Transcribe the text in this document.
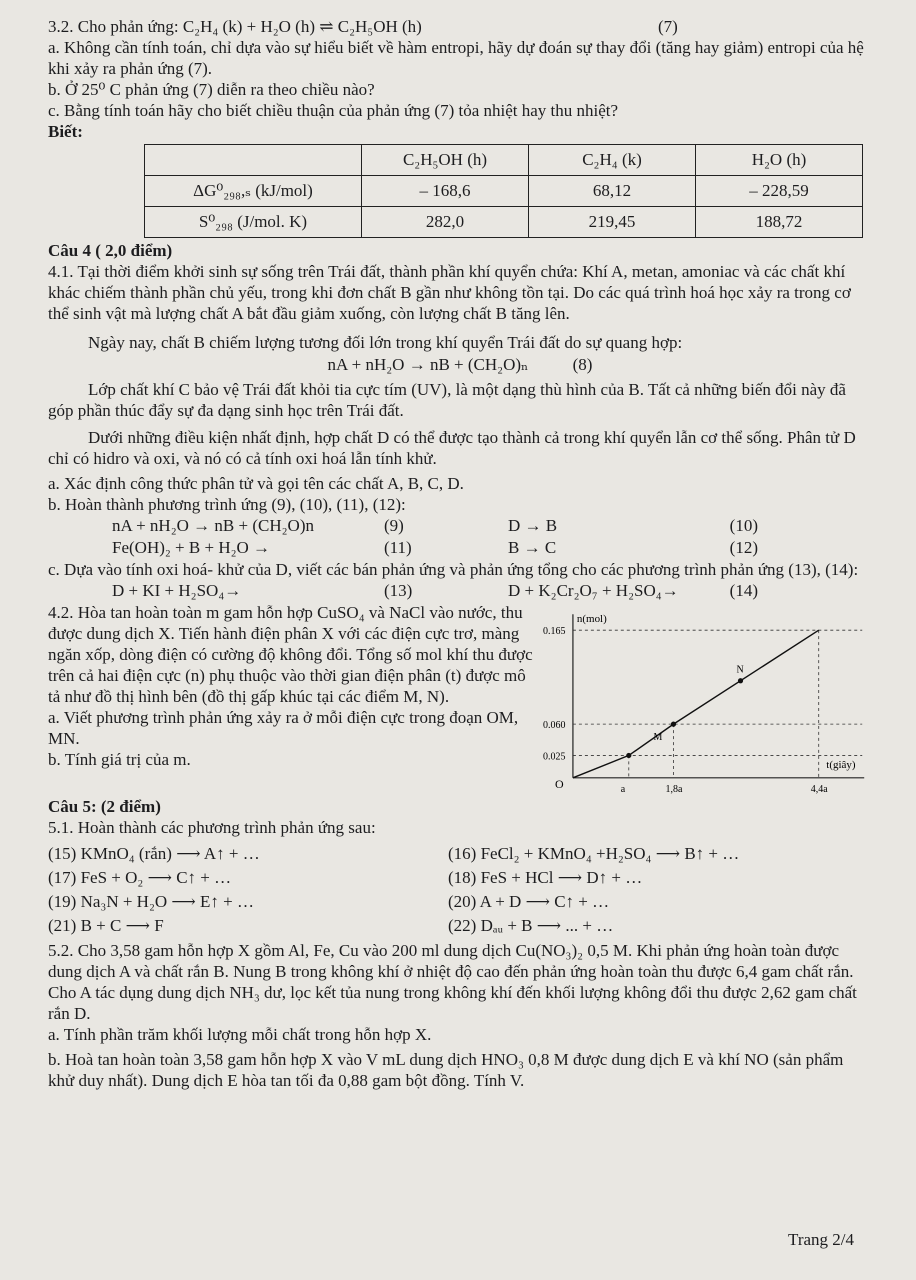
3.2. Cho phản ứng: C₂H₄ (k) + H₂O (h) ⇌ C₂H₅OH (h)	(7)

a. Không cần tính toán, chỉ dựa vào sự hiểu biết về hàm entropi, hãy dự đoán sự thay đổi (tăng hay giảm) entropi của hệ khi xảy ra phản ứng (7).

b. Ở 25⁰ C phản ứng (7) diễn ra theo chiều nào?

c. Bằng tính toán hãy cho biết chiều thuận của phản ứng (7) tỏa nhiệt hay thu nhiệt?

Biết:

	C₂H₅OH (h)	C₂H₄ (k)	H₂O (h)
ΔG⁰₂₉₈,ₛ (kJ/mol)	– 168,6	68,12	– 228,59
S⁰₂₉₈ (J/mol. K)	282,0	219,45	188,72

Câu 4 ( 2,0 điểm)

4.1. Tại thời điểm khởi sinh sự sống trên Trái đất, thành phần khí quyển chứa: Khí A, metan, amoniac và các chất khí khác chiếm thành phần chủ yếu, trong khi đơn chất B gần như không tồn tại. Do các quá trình hoá học xảy ra trong cơ thể sinh vật mà lượng chất A bắt đầu giảm xuống, còn lượng chất B tăng lên.

Ngày nay, chất B chiếm lượng tương đối lớn trong khí quyển Trái đất do sự quang hợp:

nA + nH₂O → nB + (CH₂O)ₙ	(8)

Lớp chất khí C bảo vệ Trái đất khỏi tia cực tím (UV), là một dạng thù hình của B. Tất cả những biến đổi này đã góp phần thúc đẩy sự đa dạng sinh học trên Trái đất.

Dưới những điều kiện nhất định, hợp chất D có thể được tạo thành cả trong khí quyển lẫn cơ thể sống. Phân tử D chỉ có hidro và oxi, và nó có cả tính oxi hoá lẫn tính khử.

a. Xác định công thức phân tử và gọi tên các chất A, B, C, D.

b. Hoàn thành phương trình ứng (9), (10), (11), (12):

nA + nH₂O → nB + (CH₂O)n	(9)	D → B	(10)
Fe(OH)₂ + B + H₂O →	(11)	B → C	(12)

c. Dựa vào tính oxi hoá- khử của D, viết các bán phản ứng và phản ứng tổng cho các phương trình phản ứng (13), (14):

D + KI + H₂SO₄→	(13)	D + K₂Cr₂O₇ + H₂SO₄→	(14)

4.2. Hòa tan hoàn toàn m gam hỗn hợp CuSO₄ và NaCl vào nước, thu được dung dịch X. Tiến hành điện phân X với các điện cực trơ, màng ngăn xốp, dòng điện có cường độ không đổi. Tổng số mol khí thu được trên cả hai điện cực (n) phụ thuộc vào thời gian điện phân (t) được mô tả như đồ thị hình bên (đồ thị gấp khúc tại các điểm M, N).

a. Viết phương trình phản ứng xảy ra ở mỗi điện cực trong đoạn OM, MN.

b. Tính giá trị của m.

n(mol)
t(giây)
O
0.025
0.060
0.165
a	1,8a	4,4a
M
N

Câu 5: (2 điểm)

5.1. Hoàn thành các phương trình phản ứng sau:

(15) KMnO₄ (rắn) ⟶ A↑ + …	(16) FeCl₂ + KMnO₄ +H₂SO₄ ⟶ B↑ + …
(17) FeS + O₂ ⟶ C↑ + …	(18) FeS + HCl ⟶ D↑ + …
(19) Na₃N + H₂O ⟶ E↑ + …	(20) A + D ⟶ C↑ + …
(21) B + C ⟶ F	(22) Dₐᵤ + B ⟶ ... + …

5.2. Cho 3,58 gam hỗn hợp X gồm Al, Fe, Cu vào 200 ml dung dịch Cu(NO₃)₂ 0,5 M. Khi phản ứng hoàn toàn được dung dịch A và chất rắn B. Nung B trong không khí ở nhiệt độ cao đến phản ứng hoàn toàn thu được 6,4 gam chất rắn. Cho A tác dụng dung dịch NH₃ dư, lọc kết tủa nung trong không khí đến khối lượng không đổi thu được 2,62 gam chất rắn D.

a. Tính phần trăm khối lượng mỗi chất trong hỗn hợp X.

b. Hoà tan hoàn toàn 3,58 gam hỗn hợp X vào V mL dung dịch HNO₃ 0,8 M được dung dịch E và khí NO (sản phẩm khử duy nhất). Dung dịch E hòa tan tối đa 0,88 gam bột đồng. Tính V.

Trang 2/4
